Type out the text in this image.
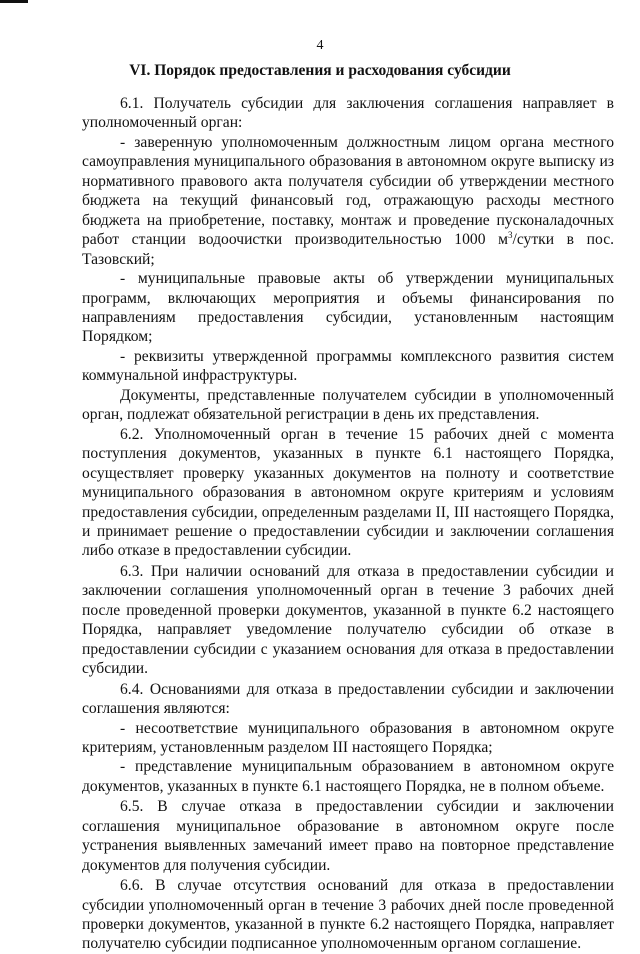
4
VI. Порядок предоставления и расходования субсидии

6.1. Получатель субсидии для заключения соглашения направляет в уполномоченный орган:

- заверенную уполномоченным должностным лицом органа местного самоуправления муниципального образования в автономном округе выписку из нормативного правового акта получателя субсидии об утверждении местного бюджета на текущий финансовый год, отражающую расходы местного бюджета на приобретение, поставку, монтаж и проведение пусконаладочных работ станции водоочистки производительностью 1000 $м^3$/сутки в пос. Тазовский;

- муниципальные правовые акты об утверждении муниципальных программ, включающих мероприятия и объемы финансирования по направлениям предоставления субсидии, установленным настоящим Порядком;

- реквизиты утвержденной программы комплексного развития систем коммунальной инфраструктуры.

Документы, представленные получателем субсидии в уполномоченный орган, подлежат обязательной регистрации в день их представления.

6.2. Уполномоченный орган в течение 15 рабочих дней с момента поступления документов, указанных в пункте 6.1 настоящего Порядка, осуществляет проверку указанных документов на полноту и соответствие муниципального образования в автономном округе критериям и условиям предоставления субсидии, определенным разделами II, III настоящего Порядка, и принимает решение о предоставлении субсидии и заключении соглашения либо отказе в предоставлении субсидии.

6.3. При наличии оснований для отказа в предоставлении субсидии и заключении соглашения уполномоченный орган в течение 3 рабочих дней после проведенной проверки документов, указанной в пункте 6.2 настоящего Порядка, направляет уведомление получателю субсидии об отказе в предоставлении субсидии с указанием основания для отказа в предоставлении субсидии.

6.4. Основаниями для отказа в предоставлении субсидии и заключении соглашения являются:

- несоответствие муниципального образования в автономном округе критериям, установленным разделом III настоящего Порядка;

- представление муниципальным образованием в автономном округе документов, указанных в пункте 6.1 настоящего Порядка, не в полном объеме.

6.5. В случае отказа в предоставлении субсидии и заключении соглашения муниципальное образование в автономном округе после устранения выявленных замечаний имеет право на повторное представление документов для получения субсидии.

6.6. В случае отсутствия оснований для отказа в предоставлении субсидии уполномоченный орган в течение 3 рабочих дней после проведенной проверки документов, указанной в пункте 6.2 настоящего Порядка, направляет получателю субсидии подписанное уполномоченным органом соглашение.
